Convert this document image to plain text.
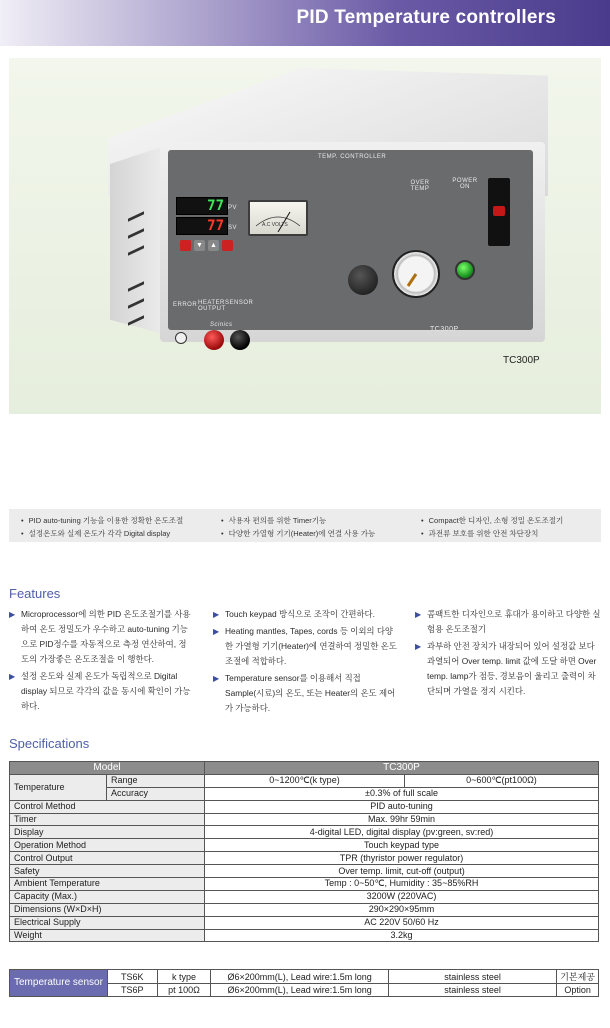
PID Temperature controllers
TEMP. CONTROLLER
TC300P
OVER TEMP
POWER ON
ERROR HEATER OUTPUT
SENSOR
Scinics
PV
SV
77
77
▼ ▲
A.C VOLTS
TC300P
• PID auto-tuning 기능을 이용한 정확한 온도조절
• 설정온도와 실제 온도가 각각 Digital display
• 사용자 편의를 위한 Timer기능
• 다양한 가열형 기기(Heater)에 연결 사용 가능
• Compact한 디자인, 소형 정밀 온도조절기
• 과전류 보호를 위한 안전 차단장치
Features
▶ Microprocessor에 의한 PID 온도조절기를 사용하여 온도 정밀도가 우수하고 auto-tuning 기능으로 PID정수를 자동적으로 측정 연산하여, 정도의 가장좋은 온도조절을 이 행한다.
▶ 설정 온도와 실제 온도가 독립적으로 Digital display 되므로 각각의 값을 동시에 확인이 가능하다.
▶ Touch keypad 방식으로 조작이 간편하다.
▶ Heating mantles, Tapes, cords 등 이외의 다양한 가열형 기기(Heater)에 연결하여 정밀한 온도조절에 적합하다.
▶ Temperature sensor를 이용해서 직접 Sample(시료)의 온도, 또는 Heater의 온도 제어가 가능하다.
▶ 콤팩트한 디자인으로 휴대가 용이하고 다양한 실험용 온도조절기
▶ 과부하 안전 장치가 내장되어 있어 설정값 보다 과열되어 Over temp. limit 값에 도달 하면 Over temp. lamp가 점등, 경보음이 울리고 출력이 차단되며 가열을 정지 시킨다.
Specifications
Model		TC300P	
Temperature	Range	0~1200℃(k type)	0~600℃(pt100Ω)
	Accuracy	±0.3% of full scale	
Control Method		PID auto-tuning	
Timer		Max. 99hr 59min	
Display		4-digital LED, digital display (pv:green, sv:red)	
Operation Method		Touch keypad type	
Control Output		TPR (thyristor power regulator)	
Safety		Over temp. limit, cut-off (output)	
Ambient Temperature		Temp : 0~50℃, Humidity : 35~85%RH	
Capacity (Max.)		3200W (220VAC)	
Dimensions (W×D×H)		290×290×95mm	
Electrical Supply		AC 220V 50/60 Hz	
Weight		3.2kg	
Temperature sensor	TS6K	k type	Ø6×200mm(L), Lead wire:1.5m long	stainless steel	기본제공
	TS6P	pt 100Ω	Ø6×200mm(L), Lead wire:1.5m long	stainless steel	Option
